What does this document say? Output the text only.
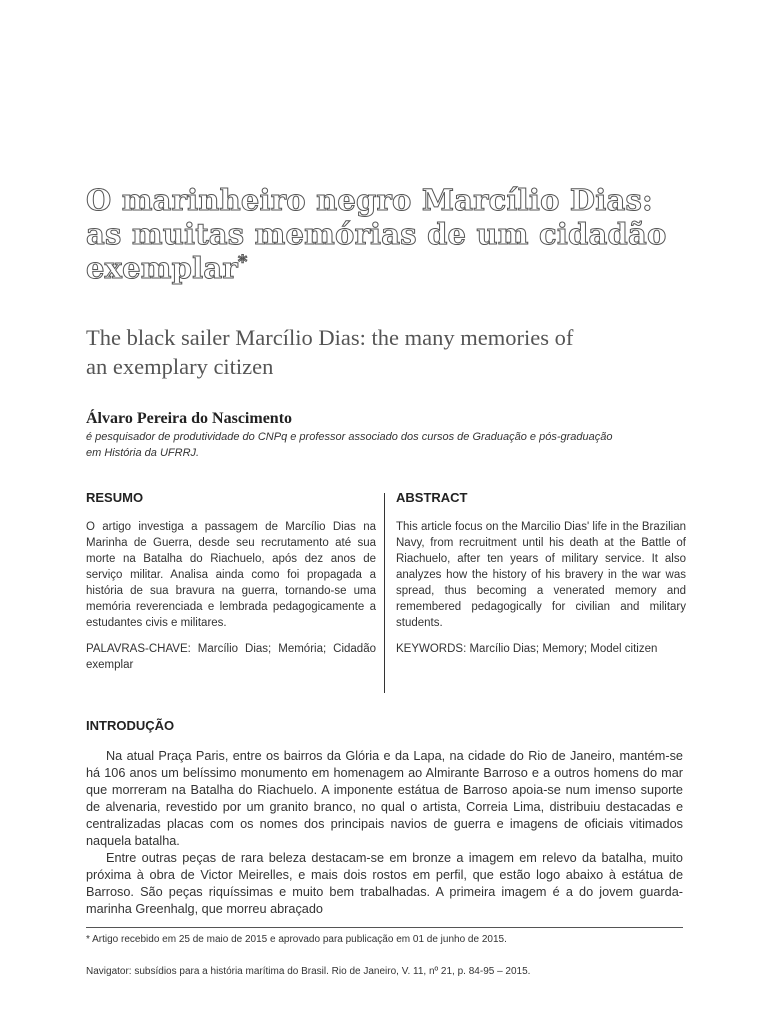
O marinheiro negro Marcílio Dias:
as muitas memórias de um cidadão
exemplar*
The black sailer Marcílio Dias: the many memories of
an exemplary citizen
Álvaro Pereira do Nascimento
é pesquisador de produtividade do CNPq e professor associado dos cursos de Graduação e pós-graduação
em História da UFRRJ.
RESUMO

O artigo investiga a passagem de Marcílio Dias na Marinha de Guerra, desde seu recrutamento até sua morte na Batalha do Riachuelo, após dez anos de serviço militar. Analisa ainda como foi propagada a história de sua bravura na guerra, tornando-se uma memória reverenciada e lembrada pedagogicamente a estudantes civis e militares.

PALAVRAS-CHAVE: Marcílio Dias; Memória; Cidadão exemplar

ABSTRACT

This article focus on the Marcilio Dias' life in the Brazilian Navy, from recruitment until his death at the Battle of Riachuelo, after ten years of military service. It also analyzes how the history of his bravery in the war was spread, thus becoming a venerated memory and remembered pedagogically for civilian and military students.

KEYWORDS: Marcílio Dias; Memory; Model citizen

INTRODUÇÃO

Na atual Praça Paris, entre os bairros da Glória e da Lapa, na cidade do Rio de Janeiro, mantém-se há 106 anos um belíssimo monumento em homenagem ao Almirante Barroso e a outros homens do mar que morreram na Batalha do Riachuelo. A imponente estátua de Barroso apoia-se num imenso suporte de alvenaria, revestido por um granito branco, no qual o artista, Correia Lima, distribuiu destacadas e centralizadas placas com os nomes dos principais navios de guerra e imagens de oficiais vitimados naquela batalha.

Entre outras peças de rara beleza destacam-se em bronze a imagem em relevo da batalha, muito próxima à obra de Victor Meirelles, e mais dois rostos em perfil, que estão logo abaixo à estátua de Barroso. São peças riquíssimas e muito bem trabalhadas. A primeira imagem é a do jovem guarda-marinha Greenhalg, que morreu abraçado

* Artigo recebido em 25 de maio de 2015 e aprovado para publicação em 01 de junho de 2015.
Navigator: subsídios para a história marítima do Brasil. Rio de Janeiro, V. 11, nº 21, p. 84-95 – 2015.
